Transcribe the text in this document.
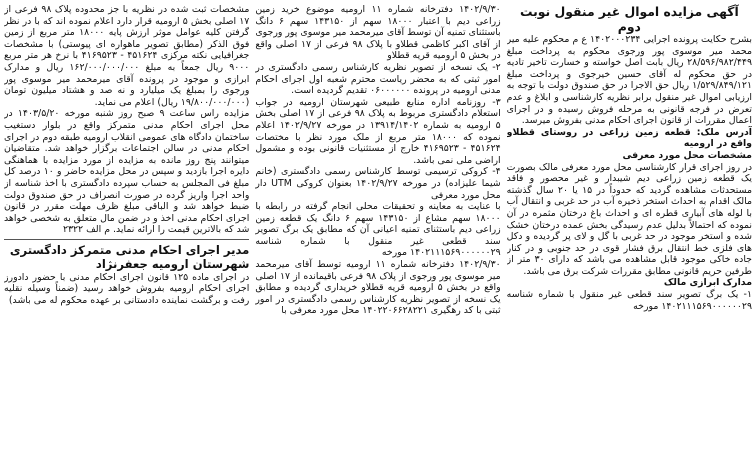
آگهی مزایده اموال غیر منقول نوبت دوم

بشرح حکایت پرونده اجرایی ۱۴۰۲۰۰۰۲۳۴ ع م محکوم علیه میر محمد میر موسوی پور ورجوی محکوم به پرداخت مبلغ ۲۸/۵۹۶/۹۸۲/۴۴۹ ریال بابت اصل خواسته و خسارت تاخیر تادیه در حق محکوم له آقای حسین خیرجوی و پرداخت مبلغ ۱/۵۲۹/۸۴۹/۱۲۱ ریال حق الاجرا در حق صندوق دولت با توجه به ارزیابی اموال غیر منقول برابر نظریه کارشناسی و ابلاغ و عدم تعرض در فرجه قانونی به مرحله فروش رسیده و در اجرای اعمال مقررات از قانون اجرای احکام مدنی بفروش میرسد.

آدرس ملک: قطعه زمین زراعی در روستای قطلاو واقع در ارومیه

مشخصات محل مورد معرفی

در روز اجرای قرار کارشناسی محل مورد معرفی مالک بصورت یک قطعه زمین زراعی دیم شیبدار و غیر محصور و فاقد مستحدثات مشاهده گردید که حدوداً در ۱۵ یا ۲۰ سال گذشته مالک اقدام به احداث استخر ذخیره آب در حد غربی و انتقال آب با لوله های آبیاری قطره ای و احداث باغ درختان مثمره در آن نموده که احتمالاً بدلیل عدم رسیدگی بخش عمده درختان خشک شده و استخر موجود در حد غربی با گل و لای پر گردیده و دکل های فلزی خط انتقال برق فشار قوی در حد جنوبی و در کنار جاده خاکی موجود قابل مشاهده می باشد که دارای ۳۰ متر از طرفین حریم قانونی مطابق مقررات شرکت برق می باشد.

مدارک ابرازی مالک

۱- یک برگ تصویر سند قطعی غیر منقول با شماره شناسه ۱۴۰۲۱۱۱۵۶۹۰۰۰۰۰۰۲۹ مورخه

۱۴۰۲/۹/۳۰ دفترخانه شماره ۱۱ ارومیه موضوع خرید زمین زراعی دیم با اعتبار ۱۸۰۰۰ سهم از ۱۴۳۱۵۰ سهم ۶ دانگ باستثنای تمنیه آن توسط آقای میرمحمد میر موسوی پور ورجوی از آقای اکبر کاظمی قطلاو با پلاک ۹۸ فرعی از ۱۷ اصلی واقع در بخش ۵ ارومیه قریه قطلاو

۲- یک نسخه از تصویر نظریه کارشناس رسمی دادگستری در امور ثبتی که به محضر ریاست محترم شعبه اول اجرای احکام مدنی ارومیه در پرونده ۰۶۰۰۰۰۰۰ تقدیم گردیده است.

۳- روزنامه اداره منابع طبیعی شهرستان ارومیه در جواب استعلام دادگستری مربوط به پلاک ۹۸ فرعی از ۱۷ اصلی بخش ۵ ارومیه به شماره ۱۳۹۱۴/۱۴۰۲ در مورخه ۱۴۰۲/۹/۲۷ اعلام نموده که ۱۸۰۰۰ متر مربع از ملک مورد نظر با مختصات ۴۵۱۶۲۴ - ۴۱۶۹۵۲۳ خارج از مستثنیات قانونی بوده و مشمول اراضی ملی نمی باشد.

۴- کروکی ترسیمی توسط کارشناس رسمی دادگستری (خانم شیما علیزاده) در مورخه ۱۴۰۲/۹/۲۷ بعنوان کروکی UTM دار محل مورد معرفی

با عنایت به معاینه و تحقیقات محلی انجام گرفته در رابطه با ۱۸۰۰۰ سهم مشاع از ۱۴۳۱۵۰ سهم ۶ دانگ یک قطعه زمین زراعی دیم باستثنای تمنیه اعیانی آن که مطابق یک برگ تصویر سند قطعی غیر منقول با شماره شناسه ۱۴۰۲۱۱۱۵۶۹۰۰۰۰۰۰۲۹ مورخه

۱۴۰۲/۹/۳۰ دفترخانه شماره ۱۱ ارومیه توسط آقای میرمحمد میر موسوی پور ورجوی از پلاک ۹۸ فرعی باقیمانده از ۱۷ اصلی واقع در بخش ۵ ارومیه قریه قطلاو خریداری گردیده و مطابق یک نسخه از تصویر نظریه کارشناس رسمی دادگستری در امور ثبتی با کد رهگیری ۱۴۰۲۲۰۶۶۲۸۲۲۱ محل مورد معرفی با

مشخصات ثبت شده در نظریه با جز محدوده پلاک ۹۸ فرعی از ۱۷ اصلی بخش ۵ ارومیه قرار دارد اعلام نموده اند که با در نظر گرفتن کلیه عوامل موثر ارزش پایه ۱۸۰۰۰ متر مربع از زمین فوق الذکر (مطابق تصویر ماهواره ای پیوستی) با مشخصات جغرافیایی نکته مرکزی ۴۵۱۶۲۴ - ۴۱۶۹۵۲۳ با نرخ هر متر مربع ۹۰۰۰ ریال جمعاً به مبلغ ۱۶۲/۰۰۰/۰۰۰/۰۰۰ ریال و مدارک ابرازی و موجود در پرونده آقای میرمحمد میر موسوی پور ورجوی را بمبلغ یک میلیارد و نه صد و هشتاد میلیون تومان (۱۹/۸۰۰/۰۰۰/۰۰۰ ریال) اعلام می نماید.

مزایده راس ساعت ۹ صبح روز شنبه مورخه ۱۴۰۳/۵/۲۰ در محل اجرای احکام مدنی متمرکز واقع در بلوار دستغیب ساختمان دادگاه های عمومی انقلاب ارومیه طبقه دوم در اجرای احکام مدنی در سالن اجتماعات برگزار خواهد شد. متقاضیان میتوانند پنج روز مانده به مزایده از مورد مزایده با هماهنگی دایره اجرا بازدید و سپس در محل مزایده حاضر و ۱۰ درصد کل مبلغ فی المجلس به حساب سپرده دادگستری با اخذ شناسه از واحد اجرا واریز گرده در صورت انصراف در حق صندوق دولت ضبط خواهد شد و الباقی مبلغ ظرف مهلت مقرر در قانون اجرای احکام مدنی اخذ و در ضمن مال متعلق به شخصی خواهد شد که بالاترین قیمت را ارائه نماید. م الف ۲۳۲۲

مدیر اجرای احکام مدنی متمرکز دادگستری شهرستان ارومیه جعفرنژاد

در اجرای ماده ۱۲۵ قانون اجرای احکام مدنی با حضور دادورز اجرای احکام ارومیه بفروش خواهد رسید (ضمناً وسیله نقلیه رفت و برگشت نماینده دادستانی بر عهده محکوم له می باشد)
